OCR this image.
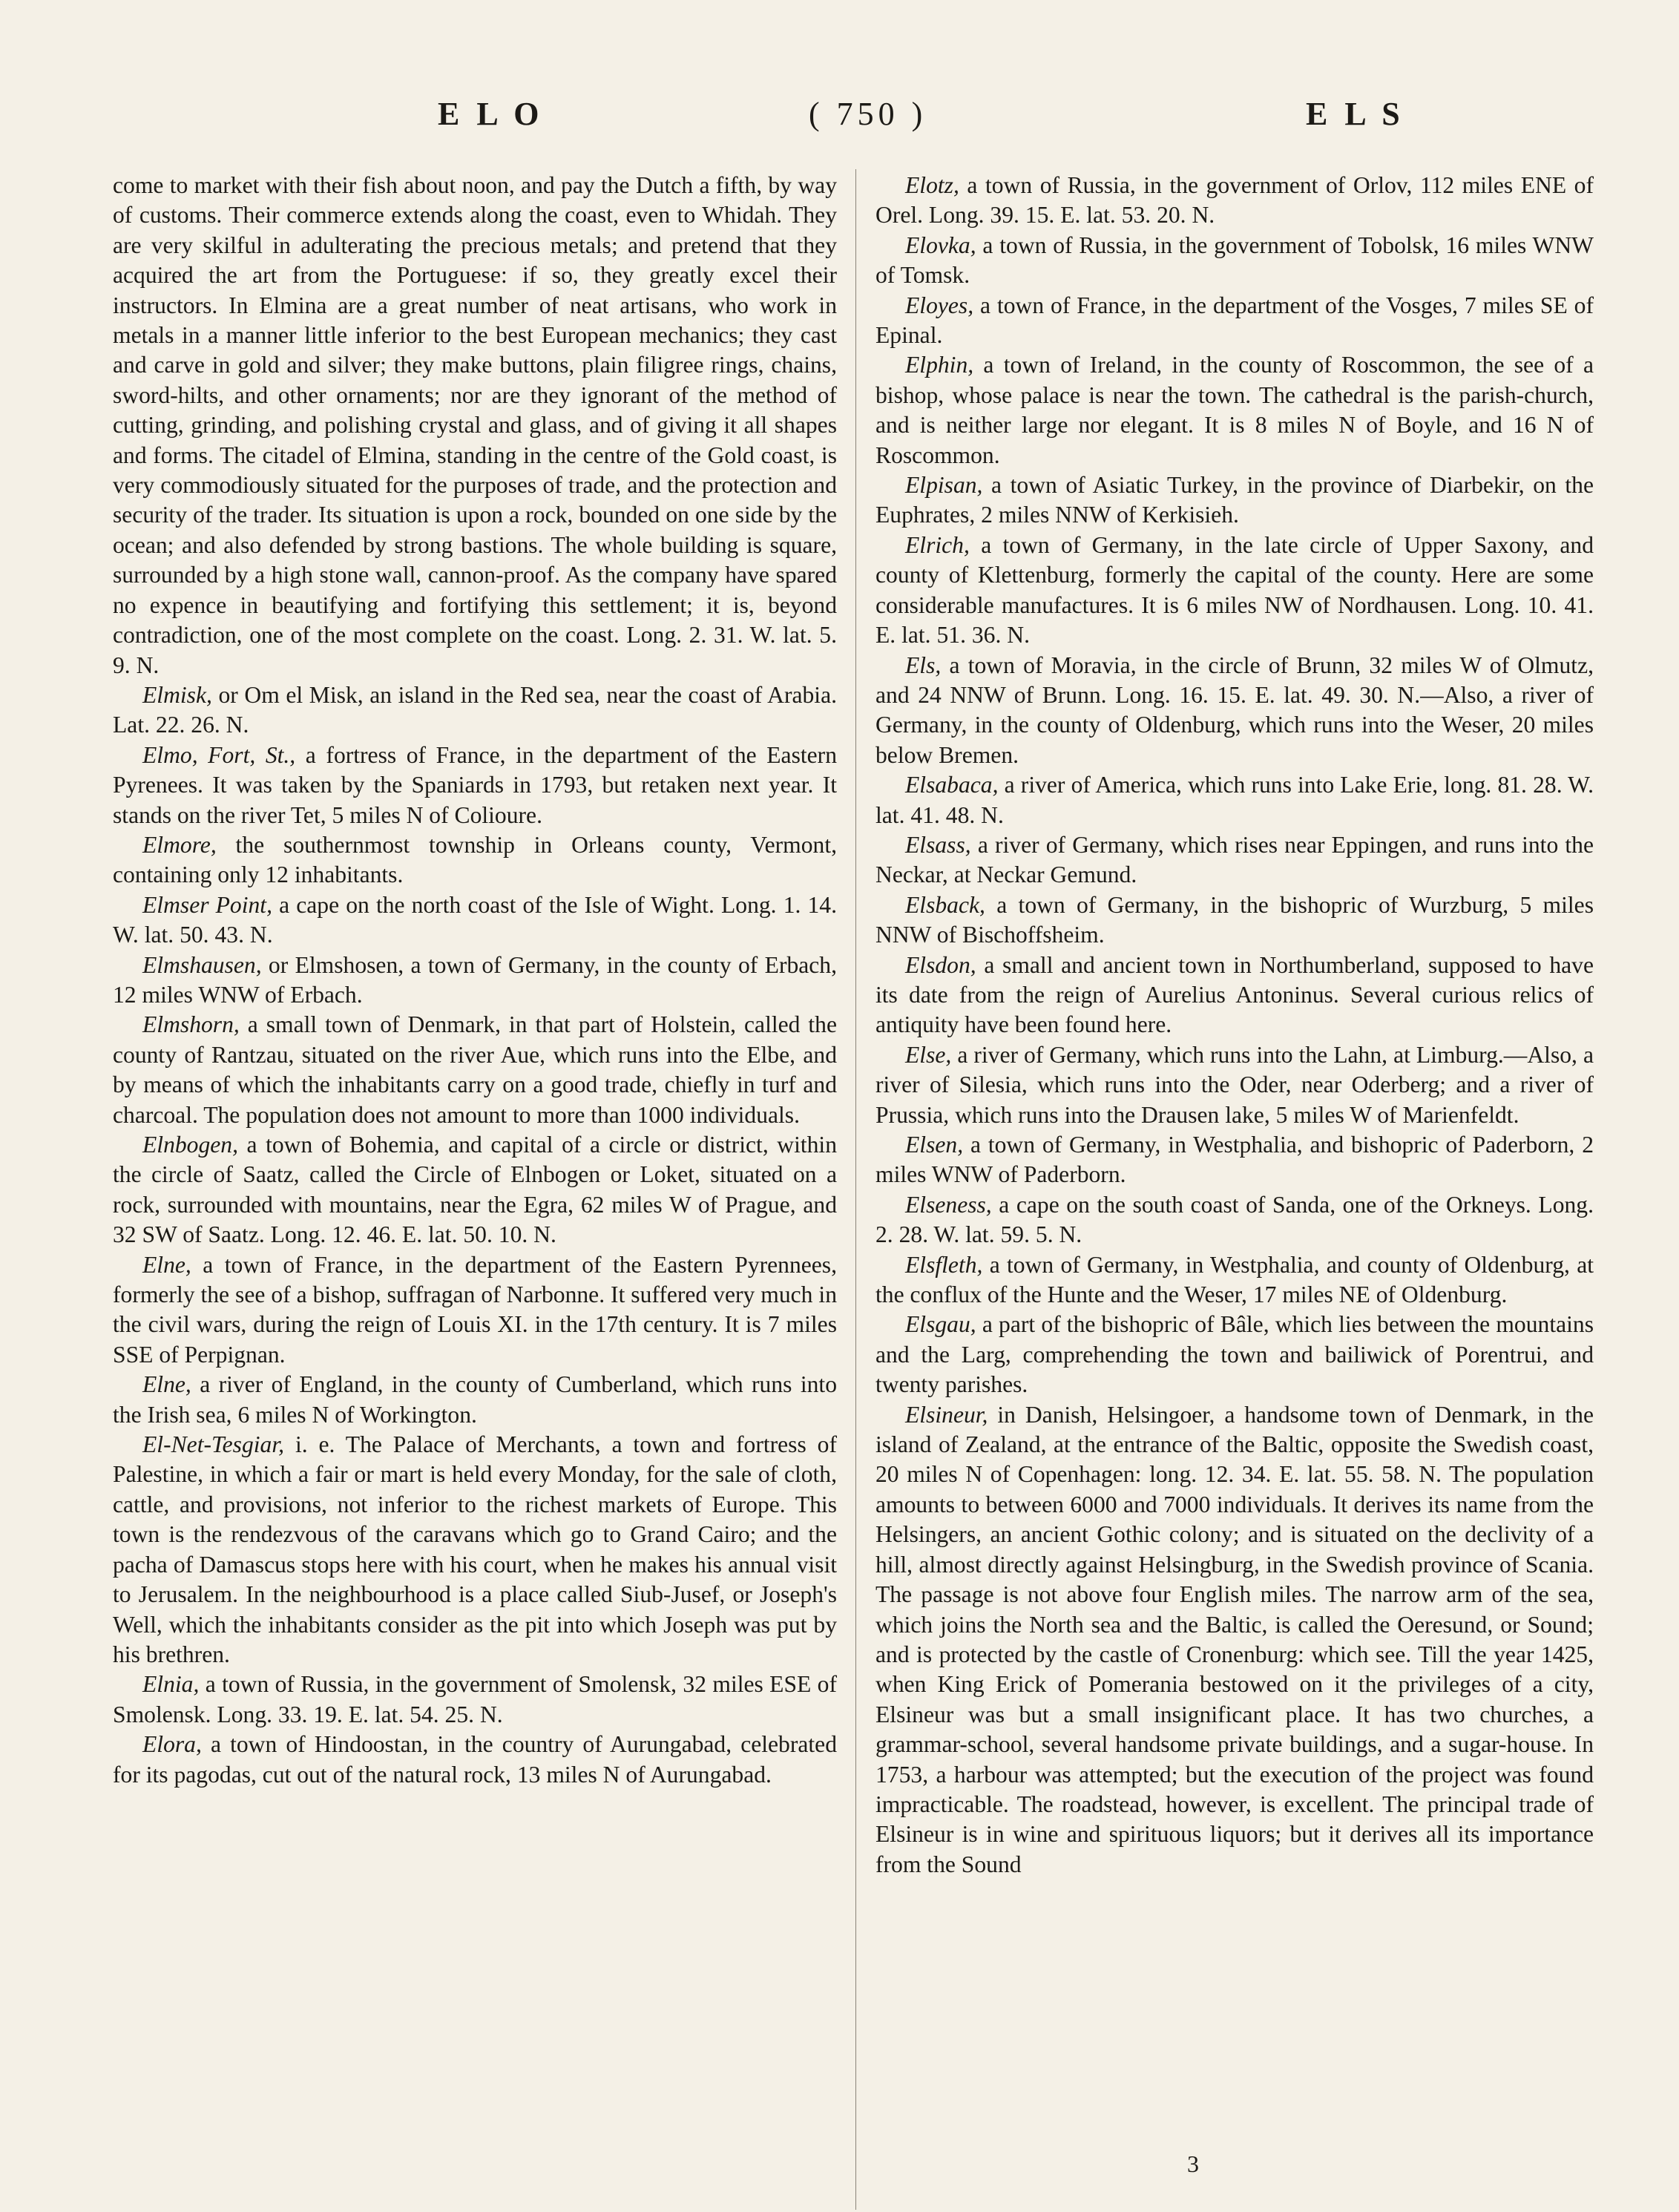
E L O	( 750 )	E L S

come to market with their fish about noon, and pay the Dutch a fifth, by way of customs. Their commerce extends along the coast, even to Whidah. They are very skilful in adulterating the precious metals; and pretend that they acquired the art from the Portuguese: if so, they greatly excel their instructors. In Elmina are a great number of neat artisans, who work in metals in a manner little inferior to the best European mechanics; they cast and carve in gold and silver; they make buttons, plain filigree rings, chains, sword-hilts, and other ornaments; nor are they ignorant of the method of cutting, grinding, and polishing crystal and glass, and of giving it all shapes and forms. The citadel of Elmina, standing in the centre of the Gold coast, is very commodiously situated for the purposes of trade, and the protection and security of the trader. Its situation is upon a rock, bounded on one side by the ocean; and also defended by strong bastions. The whole building is square, surrounded by a high stone wall, cannon-proof. As the company have spared no expence in beautifying and fortifying this settlement; it is, beyond contradiction, one of the most complete on the coast. Long. 2. 31. W. lat. 5. 9. N.

Elmisk, or Om el Misk, an island in the Red sea, near the coast of Arabia. Lat. 22. 26. N.

Elmo, Fort, St., a fortress of France, in the department of the Eastern Pyrenees. It was taken by the Spaniards in 1793, but retaken next year. It stands on the river Tet, 5 miles N of Colioure.

Elmore, the southernmost township in Orleans county, Vermont, containing only 12 inhabitants.

Elmser Point, a cape on the north coast of the Isle of Wight. Long. 1. 14. W. lat. 50. 43. N.

Elmshausen, or Elmshosen, a town of Germany, in the county of Erbach, 12 miles WNW of Erbach.

Elmshorn, a small town of Denmark, in that part of Holstein, called the county of Rantzau, situated on the river Aue, which runs into the Elbe, and by means of which the inhabitants carry on a good trade, chiefly in turf and charcoal. The population does not amount to more than 1000 individuals.

Elnbogen, a town of Bohemia, and capital of a circle or district, within the circle of Saatz, called the Circle of Elnbogen or Loket, situated on a rock, surrounded with mountains, near the Egra, 62 miles W of Prague, and 32 SW of Saatz. Long. 12. 46. E. lat. 50. 10. N.

Elne, a town of France, in the department of the Eastern Pyrennees, formerly the see of a bishop, suffragan of Narbonne. It suffered very much in the civil wars, during the reign of Louis XI. in the 17th century. It is 7 miles SSE of Perpignan.

Elne, a river of England, in the county of Cumberland, which runs into the Irish sea, 6 miles N of Workington.

El-Net-Tesgiar, i. e. The Palace of Merchants, a town and fortress of Palestine, in which a fair or mart is held every Monday, for the sale of cloth, cattle, and provisions, not inferior to the richest markets of Europe. This town is the rendezvous of the caravans which go to Grand Cairo; and the pacha of Damascus stops here with his court, when he makes his annual visit to Jerusalem. In the neighbourhood is a place called Siub-Jusef, or Joseph's Well, which the inhabitants consider as the pit into which Joseph was put by his brethren.

Elnia, a town of Russia, in the government of Smolensk, 32 miles ESE of Smolensk. Long. 33. 19. E. lat. 54. 25. N.

Elora, a town of Hindoostan, in the country of Aurungabad, celebrated for its pagodas, cut out of the natural rock, 13 miles N of Aurungabad.

Elotz, a town of Russia, in the government of Orlov, 112 miles ENE of Orel. Long. 39. 15. E. lat. 53. 20. N.

Elovka, a town of Russia, in the government of Tobolsk, 16 miles WNW of Tomsk.

Eloyes, a town of France, in the department of the Vosges, 7 miles SE of Epinal.

Elphin, a town of Ireland, in the county of Roscommon, the see of a bishop, whose palace is near the town. The cathedral is the parish-church, and is neither large nor elegant. It is 8 miles N of Boyle, and 16 N of Roscommon.

Elpisan, a town of Asiatic Turkey, in the province of Diarbekir, on the Euphrates, 2 miles NNW of Kerkisieh.

Elrich, a town of Germany, in the late circle of Upper Saxony, and county of Klettenburg, formerly the capital of the county. Here are some considerable manufactures. It is 6 miles NW of Nordhausen. Long. 10. 41. E. lat. 51. 36. N.

Els, a town of Moravia, in the circle of Brunn, 32 miles W of Olmutz, and 24 NNW of Brunn. Long. 16. 15. E. lat. 49. 30. N.—Also, a river of Germany, in the county of Oldenburg, which runs into the Weser, 20 miles below Bremen.

Elsabaca, a river of America, which runs into Lake Erie, long. 81. 28. W. lat. 41. 48. N.

Elsass, a river of Germany, which rises near Eppingen, and runs into the Neckar, at Neckar Gemund.

Elsback, a town of Germany, in the bishopric of Wurzburg, 5 miles NNW of Bischoffsheim.

Elsdon, a small and ancient town in Northumberland, supposed to have its date from the reign of Aurelius Antoninus. Several curious relics of antiquity have been found here.

Else, a river of Germany, which runs into the Lahn, at Limburg.—Also, a river of Silesia, which runs into the Oder, near Oderberg; and a river of Prussia, which runs into the Drausen lake, 5 miles W of Marienfeldt.

Elsen, a town of Germany, in Westphalia, and bishopric of Paderborn, 2 miles WNW of Paderborn.

Elseness, a cape on the south coast of Sanda, one of the Orkneys. Long. 2. 28. W. lat. 59. 5. N.

Elsfleth, a town of Germany, in Westphalia, and county of Oldenburg, at the conflux of the Hunte and the Weser, 17 miles NE of Oldenburg.

Elsgau, a part of the bishopric of Bâle, which lies between the mountains and the Larg, comprehending the town and bailiwick of Porentrui, and twenty parishes.

Elsineur, in Danish, Helsingoer, a handsome town of Denmark, in the island of Zealand, at the entrance of the Baltic, opposite the Swedish coast, 20 miles N of Copenhagen: long. 12. 34. E. lat. 55. 58. N. The population amounts to between 6000 and 7000 individuals. It derives its name from the Helsingers, an ancient Gothic colony; and is situated on the declivity of a hill, almost directly against Helsingburg, in the Swedish province of Scania. The passage is not above four English miles. The narrow arm of the sea, which joins the North sea and the Baltic, is called the Oeresund, or Sound; and is protected by the castle of Cronenburg: which see. Till the year 1425, when King Erick of Pomerania bestowed on it the privileges of a city, Elsineur was but a small insignificant place. It has two churches, a grammar-school, several handsome private buildings, and a sugar-house. In 1753, a harbour was attempted; but the execution of the project was found impracticable. The roadstead, however, is excellent. The principal trade of Elsineur is in wine and spirituous liquors; but it derives all its importance from the Sound

3
